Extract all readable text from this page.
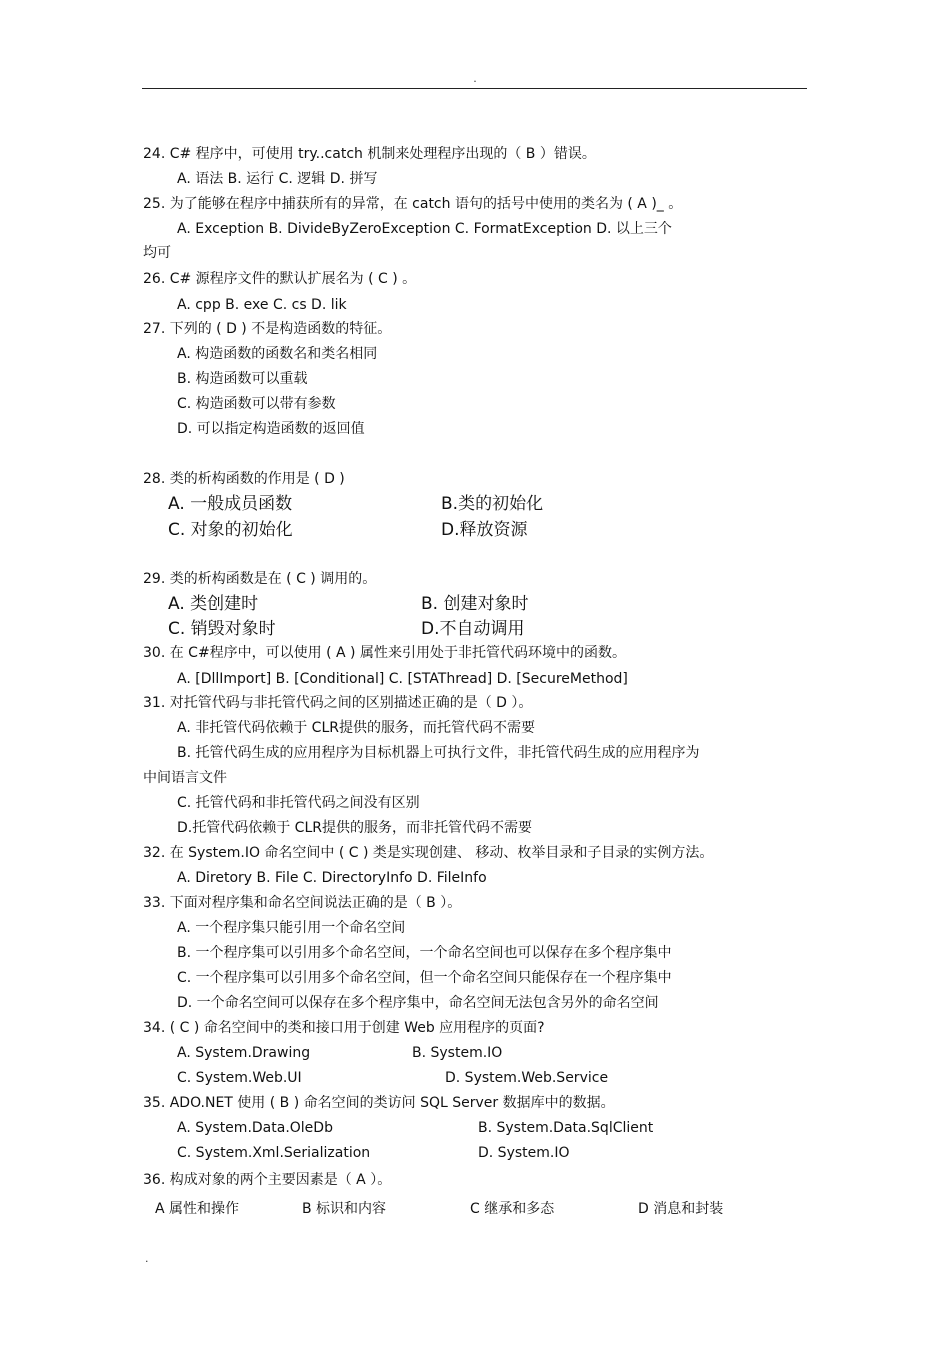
.
24. C# 程序中，可使用 try..catch 机制来处理程序出现的（ B ）错误。
A. 语法 B. 运行 C. 逻辑 D. 拼写
25. 为了能够在程序中捕获所有的异常，在 catch 语句的括号中使用的类名为 ( A )_ 。
A. Exception B. DivideByZeroException C. FormatException D. 以上三个
均可
26. C# 源程序文件的默认扩展名为 ( C ) 。
A. cpp B. exe C. cs D. lik
27. 下列的 ( D ) 不是构造函数的特征。
A. 构造函数的函数名和类名相同
B. 构造函数可以重载
C. 构造函数可以带有参数
D. 可以指定构造函数的返回值
28. 类的析构函数的作用是 ( D )
A. 一般成员函数	B.类的初始化
C. 对象的初始化	D.释放资源
29. 类的析构函数是在 ( C ) 调用的。
A. 类创建时	B. 创建对象时
C. 销毁对象时	D.不自动调用
30. 在 C#程序中，可以使用 ( A ) 属性来引用处于非托管代码环境中的函数。
A. [DllImport] B. [Conditional] C. [STAThread] D. [SecureMethod]
31. 对托管代码与非托管代码之间的区别描述正确的是（ D ）。
A. 非托管代码依赖于 CLR提供的服务，而托管代码不需要
B. 托管代码生成的应用程序为目标机器上可执行文件，非托管代码生成的应用程序为
中间语言文件
C. 托管代码和非托管代码之间没有区别
D.托管代码依赖于 CLR提供的服务，而非托管代码不需要
32. 在 System.IO 命名空间中 ( C ) 类是实现创建、 移动、枚举目录和子目录的实例方法。
A. Diretory B. File C. DirectoryInfo D. FileInfo
33. 下面对程序集和命名空间说法正确的是（ B ）。
A. 一个程序集只能引用一个命名空间
B. 一个程序集可以引用多个命名空间，一个命名空间也可以保存在多个程序集中
C. 一个程序集可以引用多个命名空间，但一个命名空间只能保存在一个程序集中
D. 一个命名空间可以保存在多个程序集中，命名空间无法包含另外的命名空间
34. ( C ) 命名空间中的类和接口用于创建 Web 应用程序的页面?
A. System.Drawing	B. System.IO
C. System.Web.UI	D. System.Web.Service
35. ADO.NET 使用 ( B ) 命名空间的类访问 SQL Server 数据库中的数据。
A. System.Data.OleDb	B. System.Data.SqlClient
C. System.Xml.Serialization	D. System.IO
36. 构成对象的两个主要因素是（ A ）。
A 属性和操作	B 标识和内容	C 继承和多态	D 消息和封装
.
